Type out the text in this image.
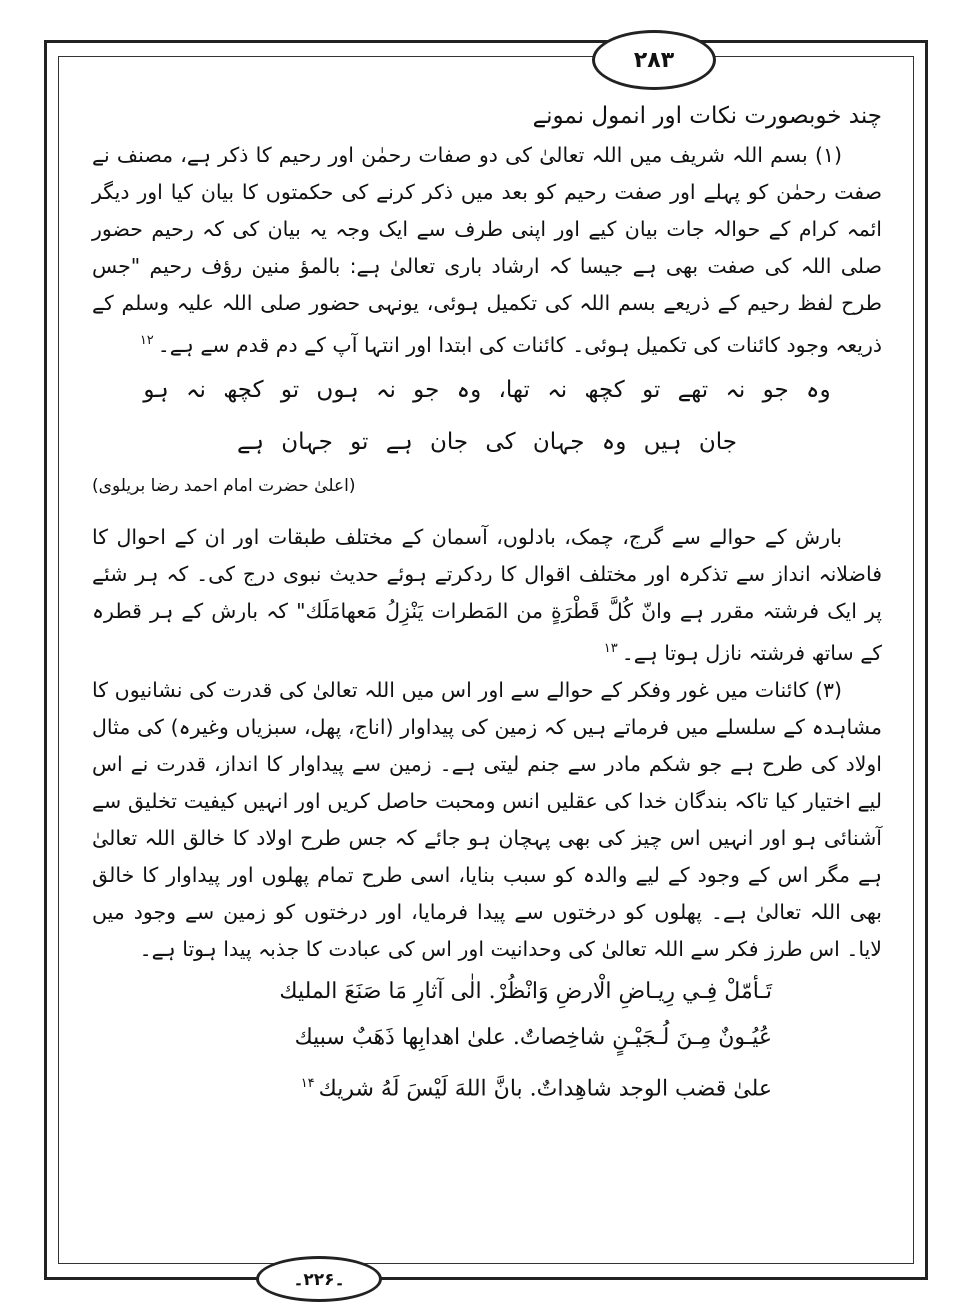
۲۸۳

چند خوبصورت نکات اور انمول نمونے

(۱) بسم اللہ شریف میں اللہ تعالیٰ کی دو صفات رحمٰن اور رحیم کا ذکر ہے، مصنف نے صفت رحمٰن کو پہلے اور صفت رحیم کو بعد میں ذکر کرنے کی حکمتوں کا بیان کیا اور دیگر ائمہ کرام کے حوالہ جات بیان کیے اور اپنی طرف سے ایک وجہ یہ بیان کی کہ رحیم حضور صلی اللہ کی صفت بھی ہے جیسا کہ ارشاد باری تعالیٰ ہے: بالمؤ منین رؤف رحیم "جس طرح لفظ رحیم کے ذریعے بسم اللہ کی تکمیل ہوئی، یونہی حضور صلی اللہ علیہ وسلم کے ذریعہ وجود کائنات کی تکمیل ہوئی۔ کائنات کی ابتدا اور انتہا آپ کے دم قدم سے ہے۔$^{۱۲}$

وہ جو نہ تھے تو کچھ نہ تھا، وہ جو نہ ہوں تو کچھ نہ ہو

جان ہیں وہ جہان کی جان ہے تو جہان ہے

(اعلیٰ حضرت امام احمد رضا بریلوی)

بارش کے حوالے سے گرج، چمک، بادلوں، آسمان کے مختلف طبقات اور ان کے احوال کا فاضلانہ انداز سے تذکرہ اور مختلف اقوال کا ردکرتے ہوئے حدیث نبوی درج کی۔ کہ ہر شئے پر ایک فرشتہ مقرر ہے وانّ کُلَّ قَطْرَةٍ من المَطرات يَنْزِلُ مَعهامَلَك" کہ بارش کے ہر قطرہ کے ساتھ فرشتہ نازل ہوتا ہے۔$^{۱۳}$

(۳) کائنات میں غور وفکر کے حوالے سے اور اس میں اللہ تعالیٰ کی قدرت کی نشانیوں کا مشاہدہ کے سلسلے میں فرماتے ہیں کہ زمین کی پیداوار (اناج، پھل، سبزیاں وغیرہ) کی مثال اولاد کی طرح ہے جو شکم مادر سے جنم لیتی ہے۔ زمین سے پیداوار کا انداز، قدرت نے اس لیے اختیار کیا تاکہ بندگان خدا کی عقلیں انس ومحبت حاصل کریں اور انہیں کیفیت تخلیق سے آشنائی ہو اور انہیں اس چیز کی بھی پہچان ہو جائے کہ جس طرح اولاد کا خالق اللہ تعالیٰ ہے مگر اس کے وجود کے لیے والدہ کو سبب بنایا، اسی طرح تمام پھلوں اور پیداوار کا خالق بھی اللہ تعالیٰ ہے۔ پھلوں کو درختوں سے پیدا فرمایا، اور درختوں کو زمین سے وجود میں لایا۔ اس طرز فکر سے اللہ تعالیٰ کی وحدانیت اور اس کی عبادت کا جذبہ پیدا ہوتا ہے۔

تَـأمّلْ فِـي رِيـاضِ الْارضِ وَانْظُرْ. الٰى آثارِ مَا صَنَعَ المليك

عُيُـونٌ مِـنَ لُـجَيْـنٍ شاخِصاتٌ. علىٰ اهدابِها ذَهَبٌ سبيك

علىٰ قضب الوجد شاهِداتٌ. بانَّ اللهَ لَيْسَ لَهُ شريك$^{۱۴}$

۔۲۲۶۔
